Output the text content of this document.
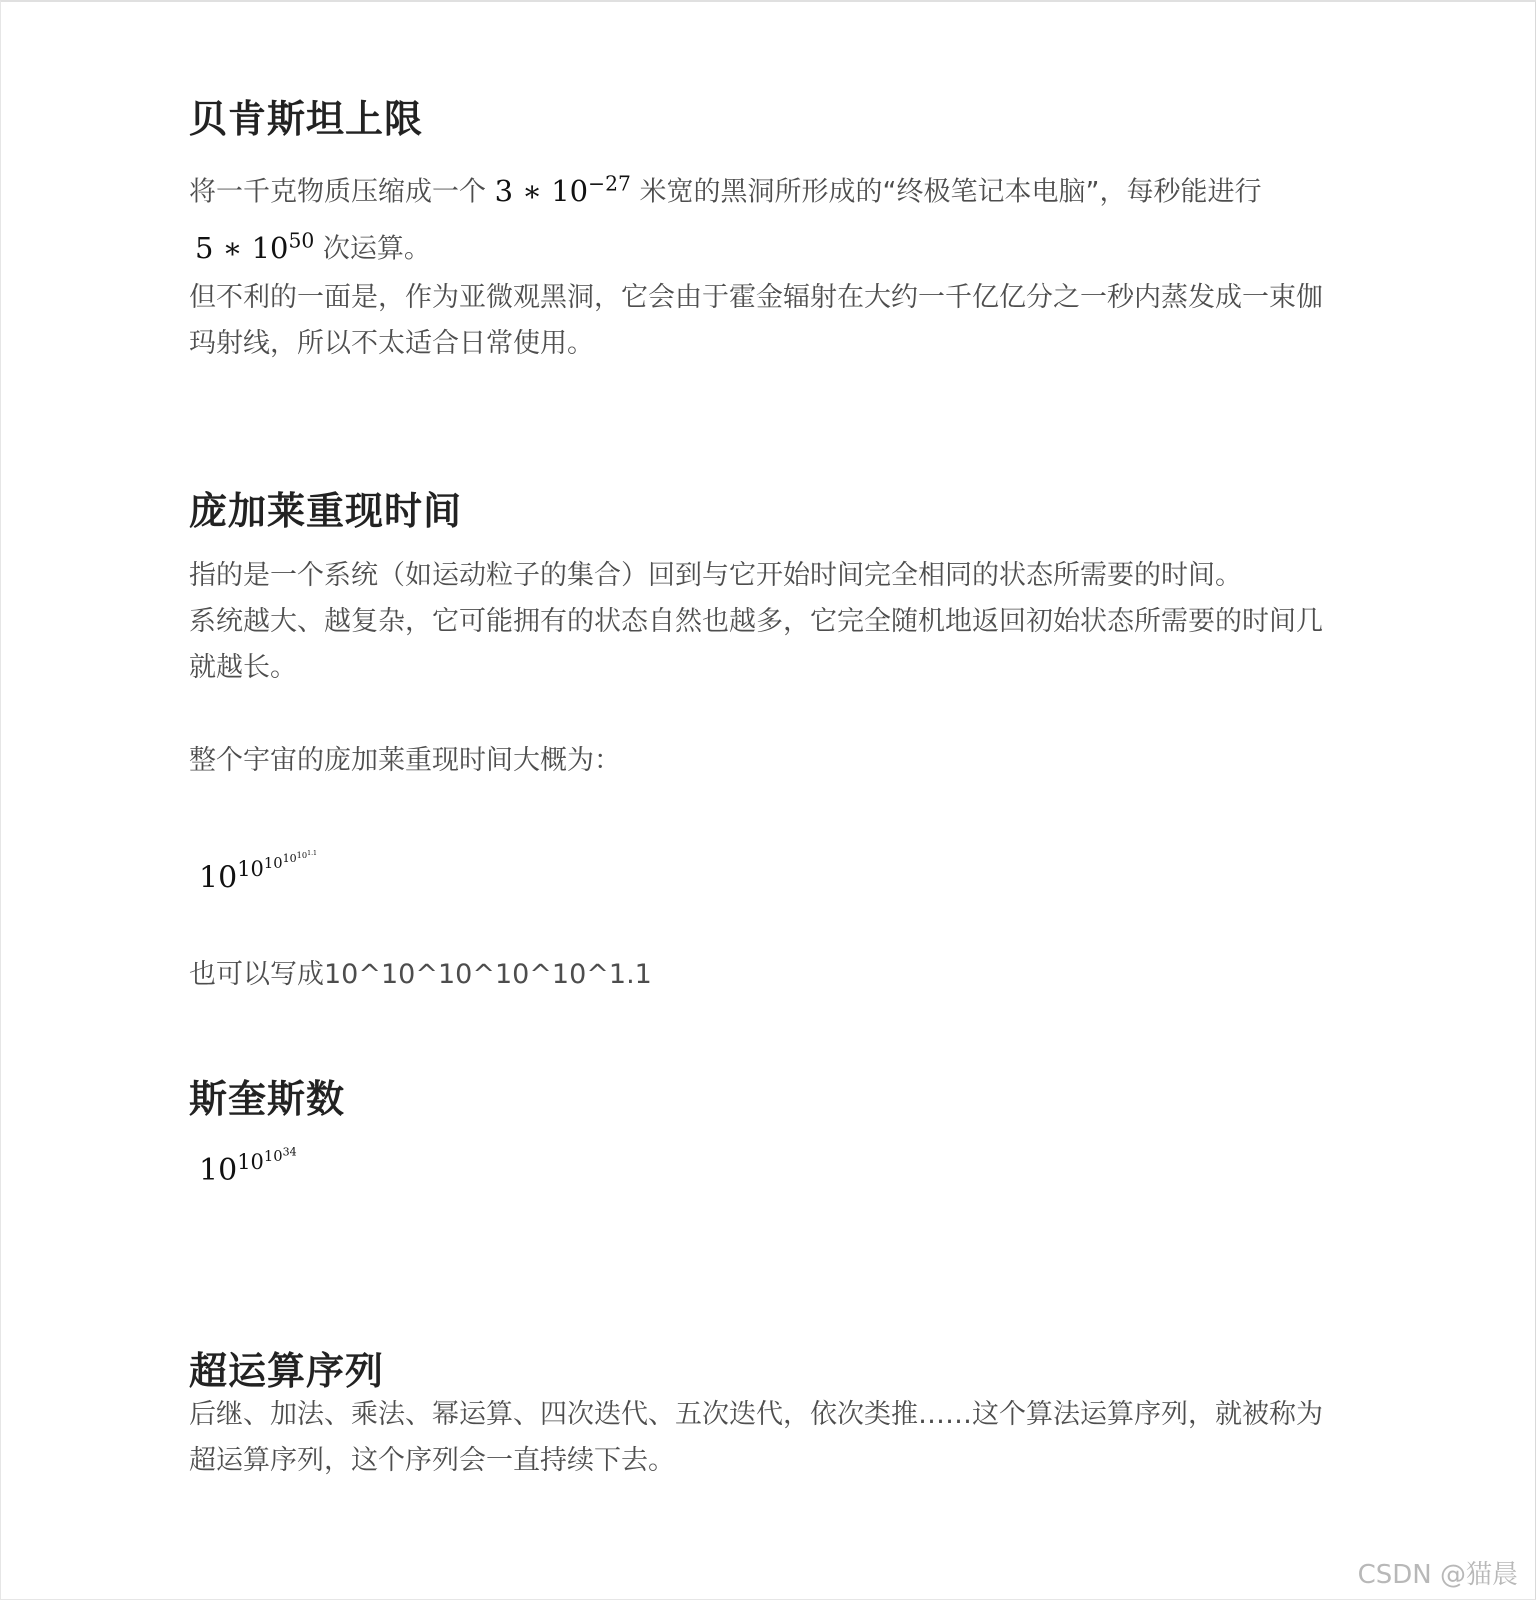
贝肯斯坦上限

将一千克物质压缩成一个 3 ∗ $10^{-27}$ 米宽的黑洞所形成的“终极笔记本电脑”，每秒能进行

5 ∗ $10^{50}$ 次运算。

但不利的一面是，作为亚微观黑洞，它会由于霍金辐射在大约一千亿亿分之一秒内蒸发成一束伽
玛射线，所以不太适合日常使用。

庞加莱重现时间

指的是一个系统（如运动粒子的集合）回到与它开始时间完全相同的状态所需要的时间。
系统越大、越复杂，它可能拥有的状态自然也越多，它完全随机地返回初始状态所需要的时间几
就越长。

整个宇宙的庞加莱重现时间大概为：

$10^{10^{10^{10^{10^{1.1}}}}}$

也可以写成10^10^10^10^10^1.1

斯奎斯数
$10^{10^{10^{34}}}$
超运算序列

后继、加法、乘法、幂运算、四次迭代、五次迭代，依次类推……这个算法运算序列，就被称为
超运算序列，这个序列会一直持续下去。

CSDN @猫晨
